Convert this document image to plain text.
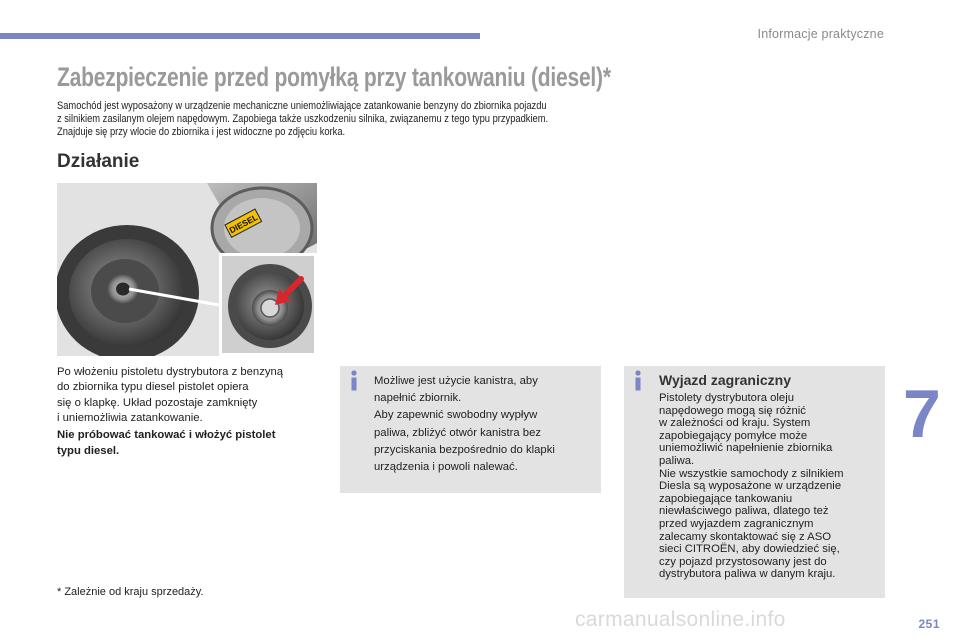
Informacje praktyczne
Zabezpieczenie przed pomyłką przy tankowaniu (diesel)*

Samochód jest wyposażony w urządzenie mechaniczne uniemożliwiające zatankowanie benzyny do zbiornika pojazdu

z silnikiem zasilanym olejem napędowym. Zapobiega także uszkodzeniu silnika, związanemu z tego typu przypadkiem.

Znajduje się przy wlocie do zbiornika i jest widoczne po zdjęciu korka.

Działanie
DIESEL

Po włożeniu pistoletu dystrybutora z benzyną

do zbiornika typu diesel pistolet opiera

się o klapkę. Układ pozostaje zamknięty

i uniemożliwia zatankowanie.

Nie próbować tankować i włożyć pistolet

typu diesel.

* Zależnie od kraju sprzedaży.

Możliwe jest użycie kanistra, aby

napełnić zbiornik.

Aby zapewnić swobodny wypływ

paliwa, zbliżyć otwór kanistra bez

przyciskania bezpośrednio do klapki

urządzenia i powoli nalewać.

Wyjazd zagraniczny

Pistolety dystrybutora oleju

napędowego mogą się różnić

w zależności od kraju. System

zapobiegający pomyłce może

uniemożliwić napełnienie zbiornika

paliwa.

Nie wszystkie samochody z silnikiem

Diesla są wyposażone w urządzenie

zapobiegające tankowaniu

niewłaściwego paliwa, dlatego też

przed wyjazdem zagranicznym

zalecamy skontaktować się z ASO

sieci CITROËN, aby dowiedzieć się,

czy pojazd przystosowany jest do

dystrybutora paliwa w danym kraju.

7
carmanualsonline.info	251
